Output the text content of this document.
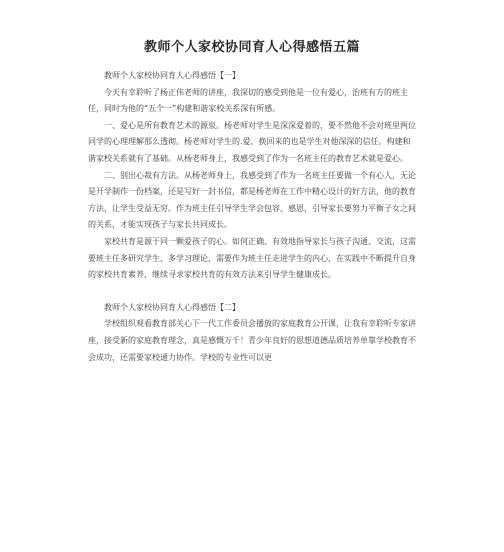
教师个人家校协同育人心得感悟五篇

教师个人家校协同育人心得感悟【一】

今天有幸聆听了杨正伟老师的讲座，我深切的感受到他是一位有爱心，治班有方的班主任，同时为他的“五个一”构建和谐家校关系深有所感。

一、爱心是所有教育艺术的源泉。杨老师对学生是深深爱着的，要不然他不会对班里两位同学的心理理解那么透彻。杨老师对学生的.爱，换回来的也是学生对他深深的信任。构建和谐家校关系就有了基础。从杨老师身上，我感受到了作为一名班主任的教育艺术就是爱心。

二、别出心裁有方法。从杨老师身上，我感受到了作为一名班主任要做一个有心人，无论是开学制作一份档案，还是写好一封书信，都是杨老师在工作中精心设计的好方法，他的教育方法，让学生受益无穷。作为班主任引导学生学会包容、感恩，引导家长要努力平衡子女之间的关系，才能实现孩子与家长共同成长。

家校共育是源于同一颗爱孩子的心。如何正确、有效地指导家长与孩子沟通、交流，这需要班主任多研究学生、多学习理论，需要作为班主任走进学生的内心，在实践中不断提升自身的家校共育素养，继续寻求家校共育的有效方法来引导学生健康成长。

教师个人家校协同育人心得感悟【二】

学校组织观看教育部关心下一代工作委员会播放的家庭教育公开课，让我有幸聆听专家讲座，接受新的家庭教育理念，真是感慨万千！青少年良好的思想道德品质培养单靠学校教育不会成功，还需要家校通力协作。学校的专业性可以更
